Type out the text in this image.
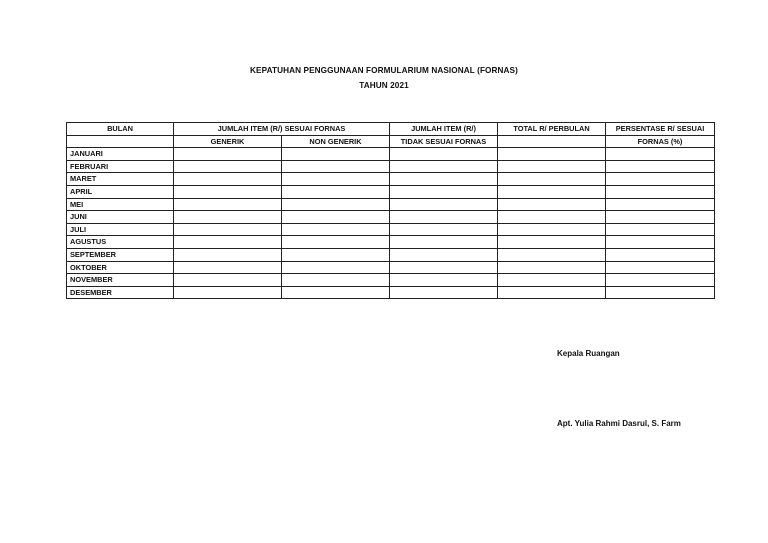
KEPATUHAN PENGGUNAAN FORMULARIUM NASIONAL (FORNAS)
TAHUN 2021
BULAN	JUMLAH ITEM (R/) SESUAI FORNAS		JUMLAH ITEM (R/)	TOTAL R/ PERBULAN	PERSENTASE R/ SESUAI
	GENERIK	NON GENERIK	TIDAK SESUAI FORNAS		FORNAS (%)
JANUARI					
FEBRUARI					
MARET					
APRIL					
MEI					
JUNI					
JULI					
AGUSTUS					
SEPTEMBER					
OKTOBER					
NOVEMBER					
DESEMBER					
Kepala Ruangan
Apt. Yulia Rahmi Dasrul, S. Farm
